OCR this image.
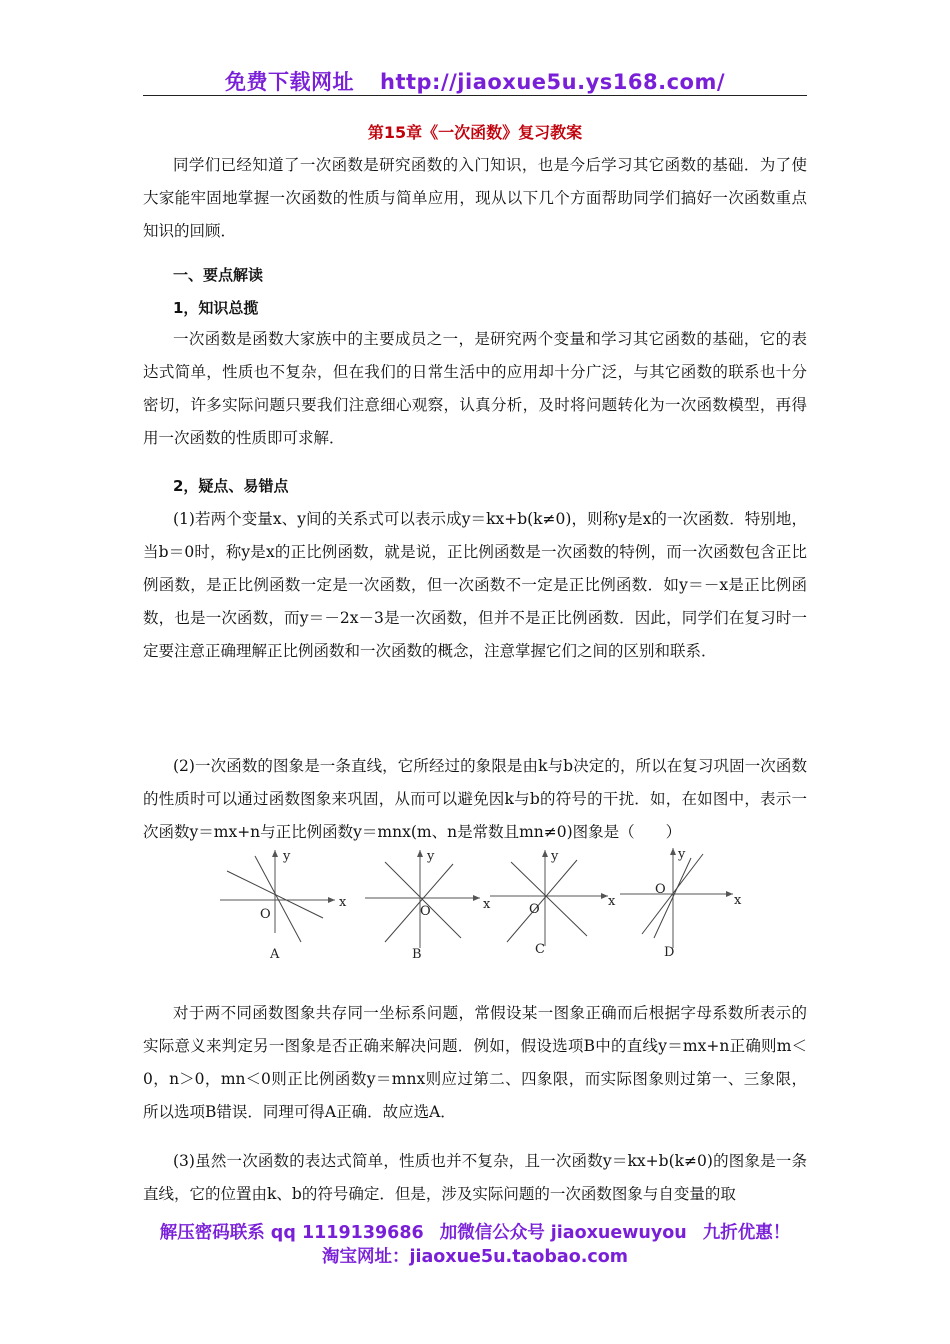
免费下载网址 http://jiaoxue5u.ys168.com/
第15章《一次函数》复习教案

同学们已经知道了一次函数是研究函数的入门知识，也是今后学习其它函数的基础．为了使大家能牢固地掌握一次函数的性质与简单应用，现从以下几个方面帮助同学们搞好一次函数重点知识的回顾．

一、要点解读

1，知识总揽

一次函数是函数大家族中的主要成员之一，是研究两个变量和学习其它函数的基础，它的表达式简单，性质也不复杂，但在我们的日常生活中的应用却十分广泛，与其它函数的联系也十分密切，许多实际问题只要我们注意细心观察，认真分析，及时将问题转化为一次函数模型，再得用一次函数的性质即可求解．

2，疑点、易错点

(1)若两个变量x、y间的关系式可以表示成y＝kx+b(k≠0)，则称y是x的一次函数．特别地，当b＝0时，称y是x的正比例函数，就是说，正比例函数是一次函数的特例，而一次函数包含正比例函数，是正比例函数一定是一次函数，但一次函数不一定是正比例函数．如y＝－x是正比例函数，也是一次函数，而y＝－2x－3是一次函数，但并不是正比例函数．因此，同学们在复习时一定要注意正确理解正比例函数和一次函数的概念，注意掌握它们之间的区别和联系．

(2)一次函数的图象是一条直线，它所经过的象限是由k与b决定的，所以在复习巩固一次函数的性质时可以通过函数图象来巩固，从而可以避免因k与b的符号的干扰．如，在如图中，表示一次函数y＝mx+n与正比例函数y＝mnx(m、n是常数且mn≠0)图象是（　　）

y
x
O
A
y
x
O
B
y
x
O
C
y
x
O
D

对于两不同函数图象共存同一坐标系问题，常假设某一图象正确而后根据字母系数所表示的实际意义来判定另一图象是否正确来解决问题．例如，假设选项B中的直线y＝mx+n正确则m＜0，n＞0，mn＜0则正比例函数y＝mnx则应过第二、四象限，而实际图象则过第一、三象限，所以选项B错误．同理可得A正确．故应选A．

(3)虽然一次函数的表达式简单，性质也并不复杂，且一次函数y＝kx+b(k≠0)的图象是一条直线，它的位置由k、b的符号确定．但是，涉及实际问题的一次函数图象与自变量的取

解压密码联系 qq 1119139686 加微信公众号 jiaoxuewuyou 九折优惠！
淘宝网址：jiaoxue5u.taobao.com
